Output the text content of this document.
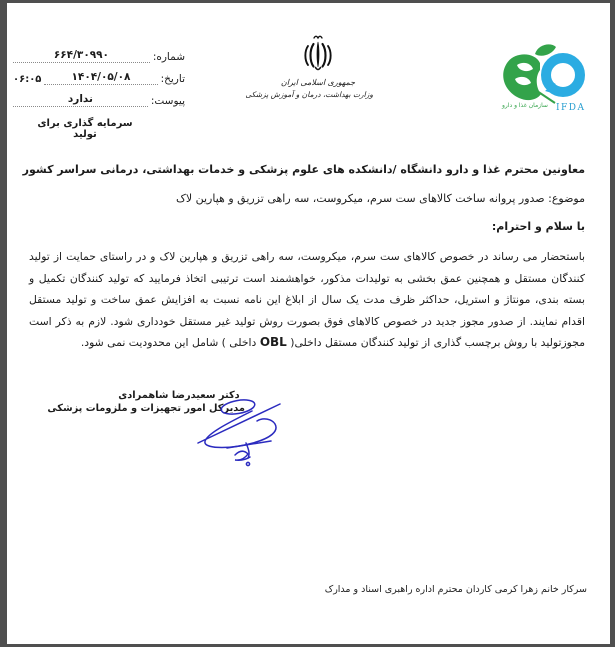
شماره:
۶۶۴/۳۰۹۹۰
تاریخ:
۱۴۰۴/۰۵/۰۸
۰۶:۰۵
پیوست:
ندارد
سرمایه گذاری برای تولید
جمهوری اسلامی ایران
وزارت بهداشت، درمان و آموزش پزشکی
IFDA
سازمان غذا و دارو
معاونین محترم غذا و دارو دانشگاه /دانشکده های علوم پزشکی و خدمات بهداشتی، درمانی سراسر کشور
موضوع: صدور پروانه ساخت کالاهای ست سرم، میکروست، سه راهی تزریق و هپارین لاک
با سلام و احترام:
باستحضار می رساند در خصوص کالاهای ست سرم، میکروست، سه راهی تزریق و هپارین لاک و در راستای حمایت از تولید کنندگان مستقل و همچنین عمق بخشی به تولیدات مذکور، خواهشمند است ترتیبی اتخاذ فرمایید که تولید کنندگان تکمیل و بسته بندی، مونتاژ و استریل، حداکثر ظرف مدت یک سال از ابلاغ این نامه نسبت به افزایش عمق ساخت و تولید مستقل اقدام نمایند. از صدور مجوز جدید در خصوص کالاهای فوق بصورت روش تولید غیر مستقل خودداری شود. لازم به ذکر است مجوزتولید با روش برچسب گذاری از تولید کنندگان مستقل داخلی( OBL داخلی ) شامل این محدودیت نمی شود.
دکتر سعیدرضا شاهمرادی
مدیرکل امور تجهیزات و ملزومات پزشکی
سرکار خانم زهرا کرمی کاردان محترم اداره راهبری اسناد و مدارک
